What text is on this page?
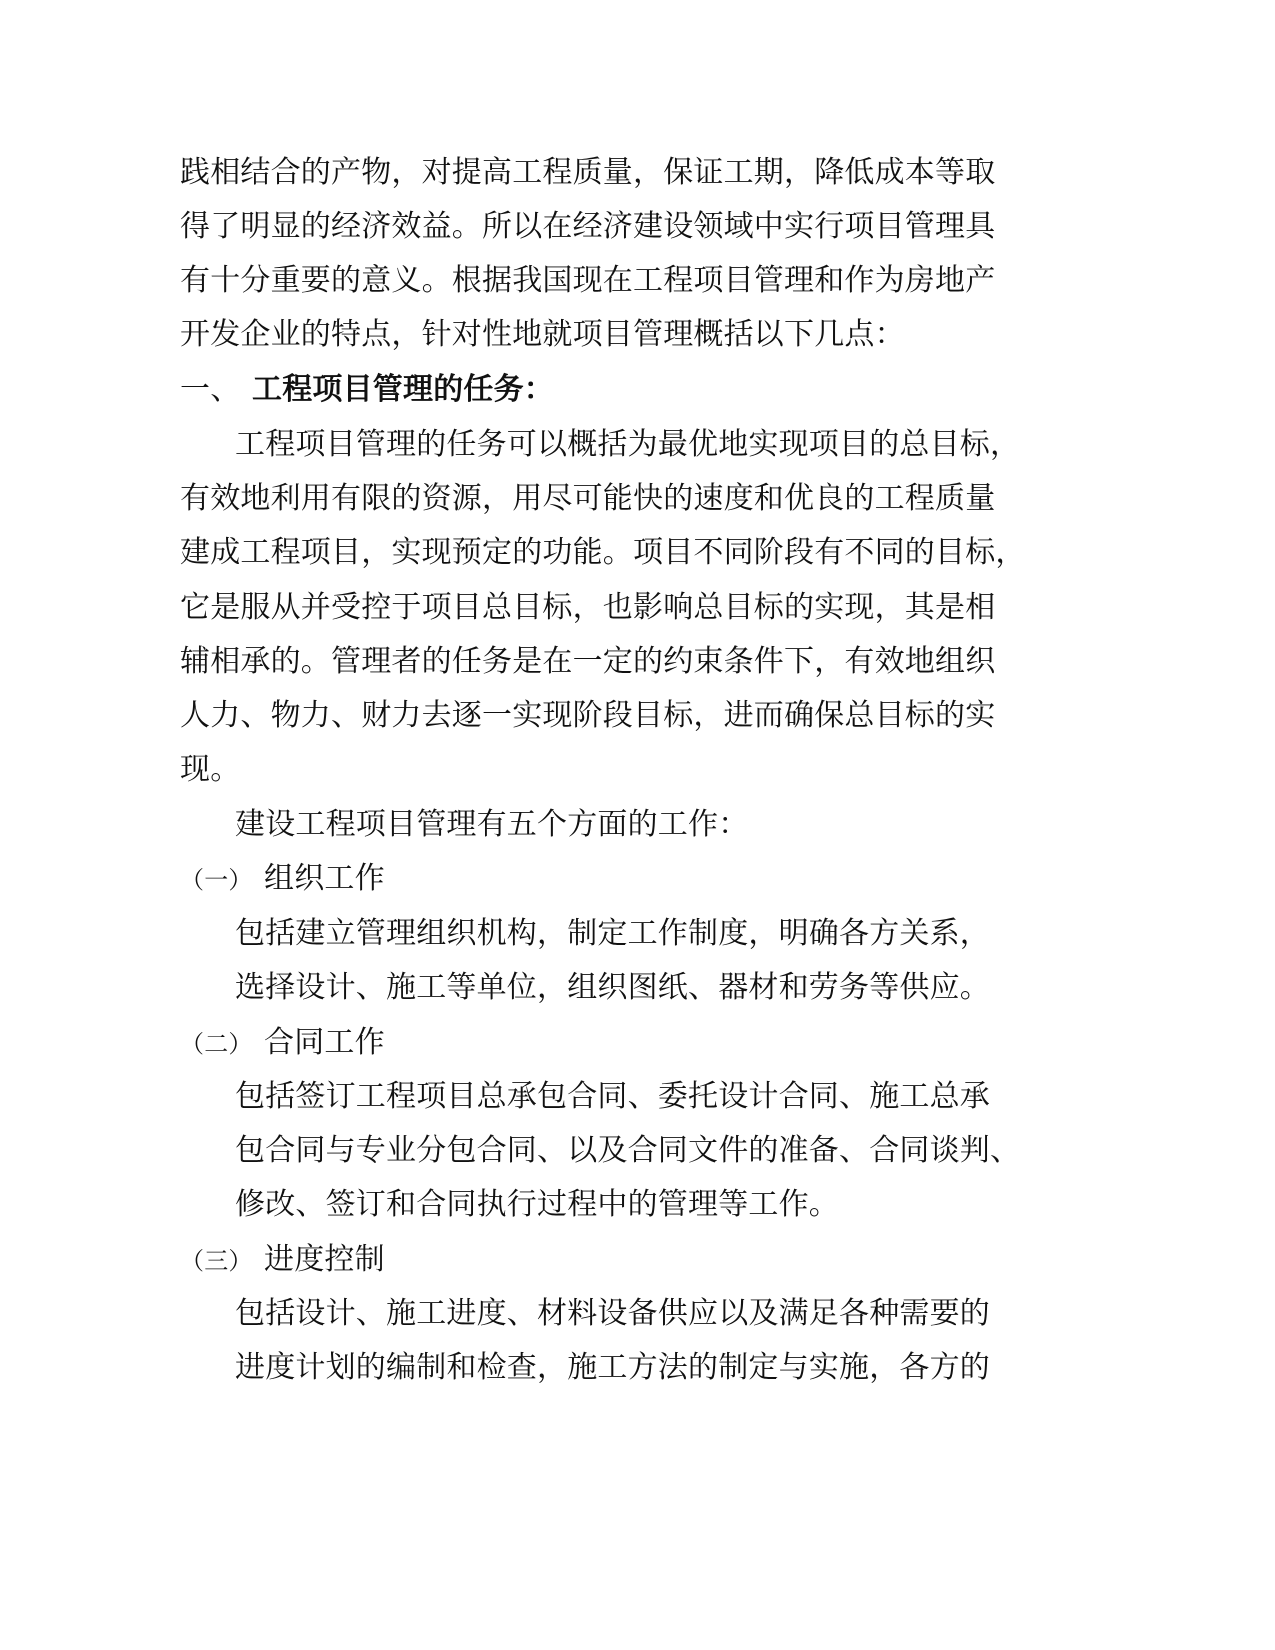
践相结合的产物，对提高工程质量，保证工期，降低成本等取
得了明显的经济效益。所以在经济建设领域中实行项目管理具
有十分重要的意义。根据我国现在工程项目管理和作为房地产
开发企业的特点，针对性地就项目管理概括以下几点：
一、 工程项目管理的任务：
工程项目管理的任务可以概括为最优地实现项目的总目标，
有效地利用有限的资源，用尽可能快的速度和优良的工程质量
建成工程项目，实现预定的功能。项目不同阶段有不同的目标，
它是服从并受控于项目总目标，也影响总目标的实现，其是相
辅相承的。管理者的任务是在一定的约束条件下，有效地组织
人力、物力、财力去逐一实现阶段目标，进而确保总目标的实
现。
建设工程项目管理有五个方面的工作：
（一） 组织工作
包括建立管理组织机构，制定工作制度，明确各方关系，
选择设计、施工等单位，组织图纸、器材和劳务等供应。
（二） 合同工作
包括签订工程项目总承包合同、委托设计合同、施工总承
包合同与专业分包合同、以及合同文件的准备、合同谈判、
修改、签订和合同执行过程中的管理等工作。
（三） 进度控制
包括设计、施工进度、材料设备供应以及满足各种需要的
进度计划的编制和检查，施工方法的制定与实施，各方的
